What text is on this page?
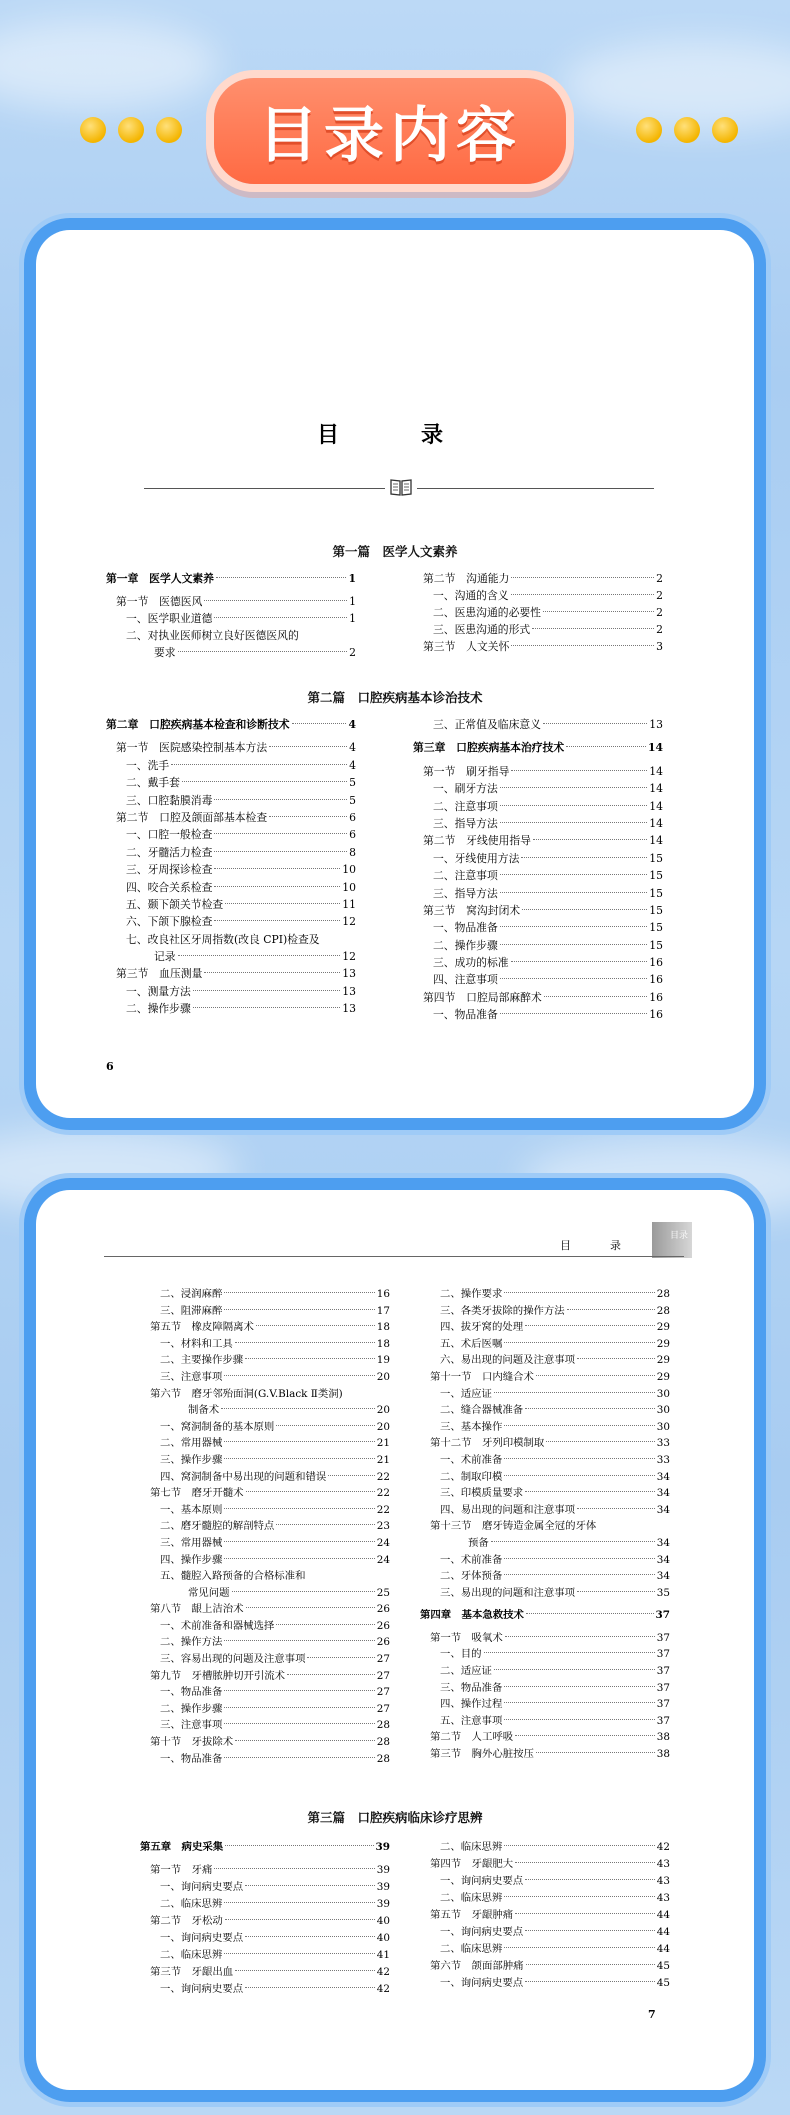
目录内容
目　录
第一篇　医学人文素养
第一章　医学人文素养	1
第一节　医德医风	1
一、医学职业道德	1
二、对执业医师树立良好医德医风的
要求	2
第二节　沟通能力	2
一、沟通的含义	2
二、医患沟通的必要性	2
三、医患沟通的形式	2
第三节　人文关怀	3
第二篇　口腔疾病基本诊治技术
第二章　口腔疾病基本检查和诊断技术	4
第一节　医院感染控制基本方法	4
一、洗手	4
二、戴手套	5
三、口腔黏膜消毒	5
第二节　口腔及颌面部基本检查	6
一、口腔一般检查	6
二、牙髓活力检查	8
三、牙周探诊检查	10
四、咬合关系检查	10
五、颞下颌关节检查	11
六、下颌下腺检查	12
七、改良社区牙周指数(改良 CPI)检查及
记录	12
第三节　血压测量	13
一、测量方法	13
二、操作步骤	13
三、正常值及临床意义	13
第三章　口腔疾病基本治疗技术	14
第一节　刷牙指导	14
一、刷牙方法	14
二、注意事项	14
三、指导方法	14
第二节　牙线使用指导	14
一、牙线使用方法	15
二、注意事项	15
三、指导方法	15
第三节　窝沟封闭术	15
一、物品准备	15
二、操作步骤	15
三、成功的标准	16
四、注意事项	16
第四节　口腔局部麻醉术	16
一、物品准备	16
6
目录
目　录
二、浸润麻醉	16
三、阻滞麻醉	17
第五节　橡皮障隔离术	18
一、材料和工具	18
二、主要操作步骤	19
三、注意事项	20
第六节　磨牙邻殆面洞(G.V.Black Ⅱ类洞)
制备术	20
一、窝洞制备的基本原则	20
二、常用器械	21
三、操作步骤	21
四、窝洞制备中易出现的问题和错误	22
第七节　磨牙开髓术	22
一、基本原则	22
二、磨牙髓腔的解剖特点	23
三、常用器械	24
四、操作步骤	24
五、髓腔入路预备的合格标准和
常见问题	25
第八节　龈上洁治术	26
一、术前准备和器械选择	26
二、操作方法	26
三、容易出现的问题及注意事项	27
第九节　牙槽脓肿切开引流术	27
一、物品准备	27
二、操作步骤	27
三、注意事项	28
第十节　牙拔除术	28
一、物品准备	28
二、操作要求	28
三、各类牙拔除的操作方法	28
四、拔牙窝的处理	29
五、术后医嘱	29
六、易出现的问题及注意事项	29
第十一节　口内缝合术	29
一、适应证	30
二、缝合器械准备	30
三、基本操作	30
第十二节　牙列印模制取	33
一、术前准备	33
二、制取印模	34
三、印模质量要求	34
四、易出现的问题和注意事项	34
第十三节　磨牙铸造金属全冠的牙体
预备	34
一、术前准备	34
二、牙体预备	34
三、易出现的问题和注意事项	35
第四章　基本急救技术	37
第一节　吸氧术	37
一、目的	37
二、适应证	37
三、物品准备	37
四、操作过程	37
五、注意事项	37
第二节　人工呼吸	38
第三节　胸外心脏按压	38
第三篇　口腔疾病临床诊疗思辨
第五章　病史采集	39
第一节　牙痛	39
一、询问病史要点	39
二、临床思辨	39
第二节　牙松动	40
一、询问病史要点	40
二、临床思辨	41
第三节　牙龈出血	42
一、询问病史要点	42
二、临床思辨	42
第四节　牙龈肥大	43
一、询问病史要点	43
二、临床思辨	43
第五节　牙龈肿痛	44
一、询问病史要点	44
二、临床思辨	44
第六节　颌面部肿痛	45
一、询问病史要点	45
7
